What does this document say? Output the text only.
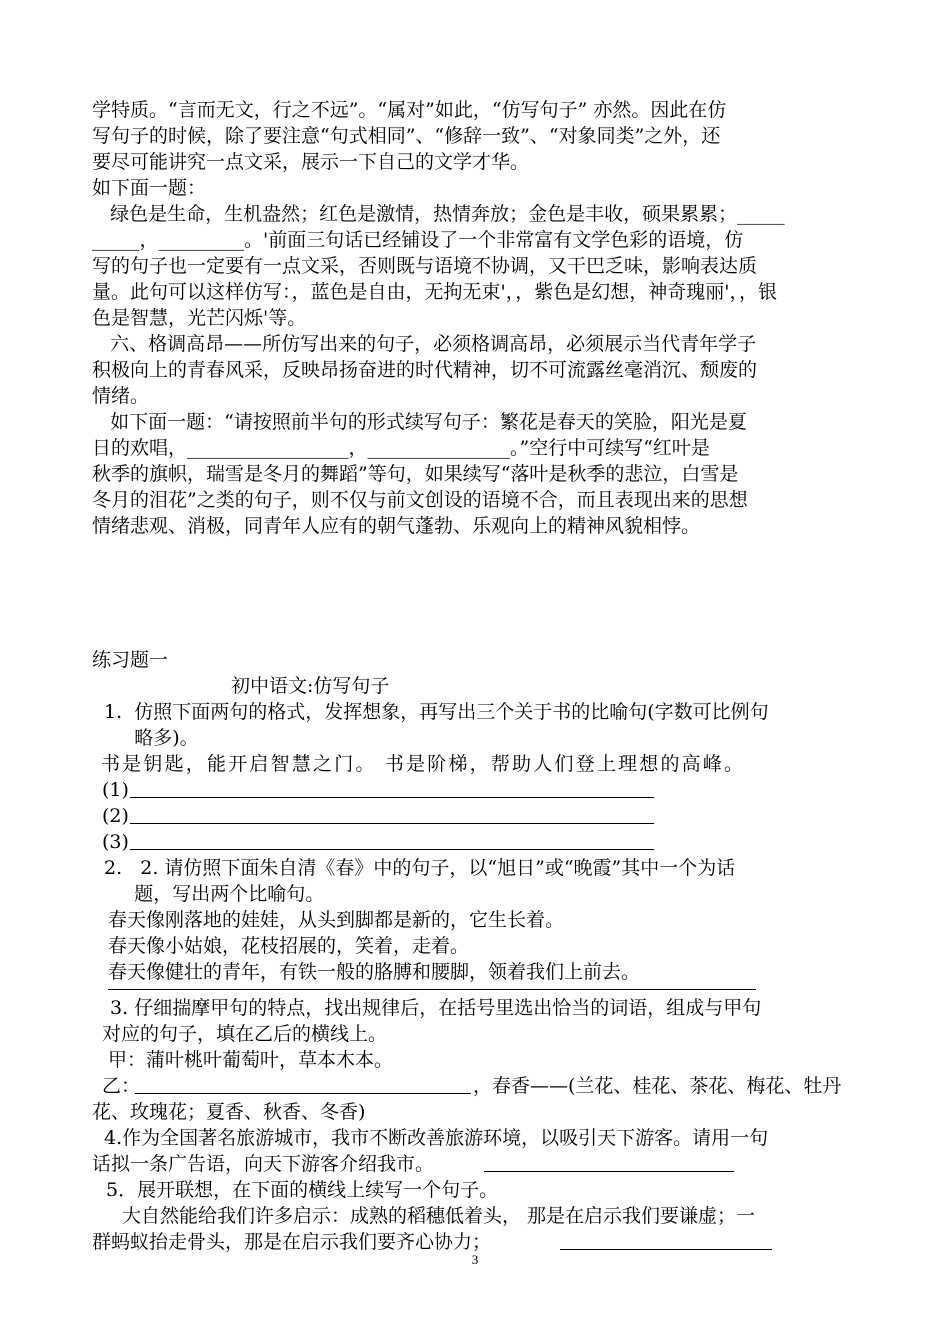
学特质。“言而无文，行之不远”。“属对”如此，“仿写句子” 亦然。因此在仿
写句子的时候，除了要注意“句式相同”、“修辞一致”、“对象同类”之外，还
要尽可能讲究一点文采，展示一下自己的文学才华。
如下面一题：
绿色是生命，生机盎然；红色是激情，热情奔放；金色是丰收，硕果累累；_____
_____，_________。'前面三句话已经铺设了一个非常富有文学色彩的语境，仿
写的句子也一定要有一点文采，否则既与语境不协调，又干巴乏味，影响表达质
量。此句可以这样仿写：，蓝色是自由，无拘无束'，，紫色是幻想，神奇瑰丽'，，银
色是智慧，光芒闪烁'等。
六、格调高昂——所仿写出来的句子，必须格调高昂，必须展示当代青年学子
积极向上的青春风采，反映昂扬奋进的时代精神，切不可流露丝毫消沉、颓废的
情绪。
如下面一题：“请按照前半句的形式续写句子：繁花是春天的笑脸，阳光是夏
日的欢唱，_________________，_______________。”空行中可续写“红叶是
秋季的旗帜，瑞雪是冬月的舞蹈”等句，如果续写“落叶是秋季的悲泣，白雪是
冬月的泪花”之类的句子，则不仅与前文创设的语境不合，而且表现出来的思想
情绪悲观、消极，同青年人应有的朝气蓬勃、乐观向上的精神风貌相悖。
练习题一
初中语文:仿写句子
1.  仿照下面两句的格式，发挥想象，再写出三个关于书的比喻句(字数可比例句
略多)。
书是钥匙，能开启智慧之门。 书是阶梯，帮助人们登上理想的高峰。
(1)
(2)
(3)
2.   2. 请仿照下面朱自清《春》中的句子，以“旭日”或“晚霞”其中一个为话
题，写出两个比喻句。
春天像刚落地的娃娃，从头到脚都是新的，它生长着。
春天像小姑娘，花枝招展的，笑着，走着。
春天像健壮的青年，有铁一般的胳膊和腰脚，领着我们上前去。
3. 仔细揣摩甲句的特点，找出规律后，在括号里选出恰当的词语，组成与甲句
对应的句子，填在乙后的横线上。
甲：蒲叶桃叶葡萄叶，草本木本。
乙：	，春香——(兰花、桂花、茶花、梅花、牡丹
花、玫瑰花；夏香、秋香、冬香)
4.作为全国著名旅游城市，我市不断改善旅游环境，以吸引天下游客。请用一句
话拟一条广告语，向天下游客介绍我市。
5．展开联想，在下面的横线上续写一个句子。
大自然能给我们许多启示：成熟的稻穗低着头， 那是在启示我们要谦虚；一
群蚂蚁抬走骨头，那是在启示我们要齐心协力；
3
